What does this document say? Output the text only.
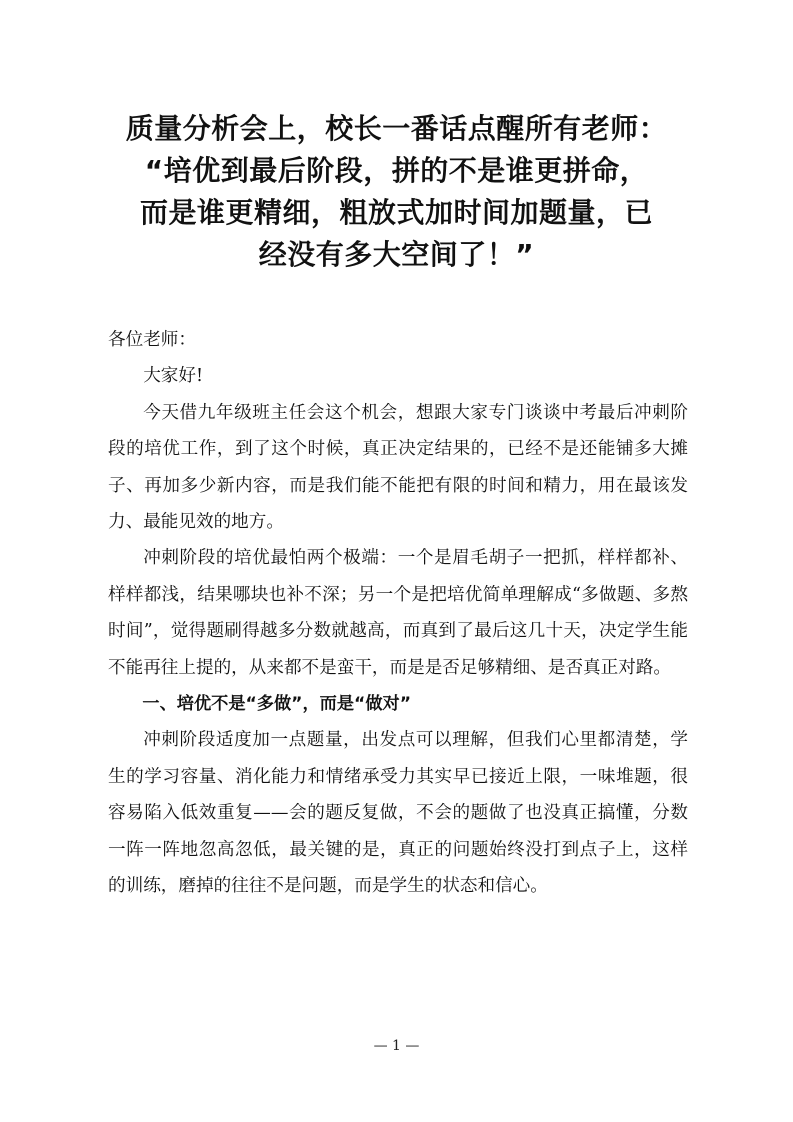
质量分析会上，校长一番话点醒所有老师：
“培优到最后阶段，拼的不是谁更拼命，
而是谁更精细，粗放式加时间加题量，已
经没有多大空间了！”

各位老师：

大家好!

今天借九年级班主任会这个机会，想跟大家专门谈谈中考最后冲刺阶段的培优工作，到了这个时候，真正决定结果的，已经不是还能铺多大摊子、再加多少新内容，而是我们能不能把有限的时间和精力，用在最该发力、最能见效的地方。

冲刺阶段的培优最怕两个极端：一个是眉毛胡子一把抓，样样都补、样样都浅，结果哪块也补不深；另一个是把培优简单理解成“多做题、多熬时间”，觉得题刷得越多分数就越高，而真到了最后这几十天，决定学生能不能再往上提的，从来都不是蛮干，而是是否足够精细、是否真正对路。

一、培优不是“多做”，而是“做对”

冲刺阶段适度加一点题量，出发点可以理解，但我们心里都清楚，学生的学习容量、消化能力和情绪承受力其实早已接近上限，一味堆题，很容易陷入低效重复——会的题反复做，不会的题做了也没真正搞懂，分数一阵一阵地忽高忽低，最关键的是，真正的问题始终没打到点子上，这样的训练，磨掉的往往不是问题，而是学生的状态和信心。

— 1 —
